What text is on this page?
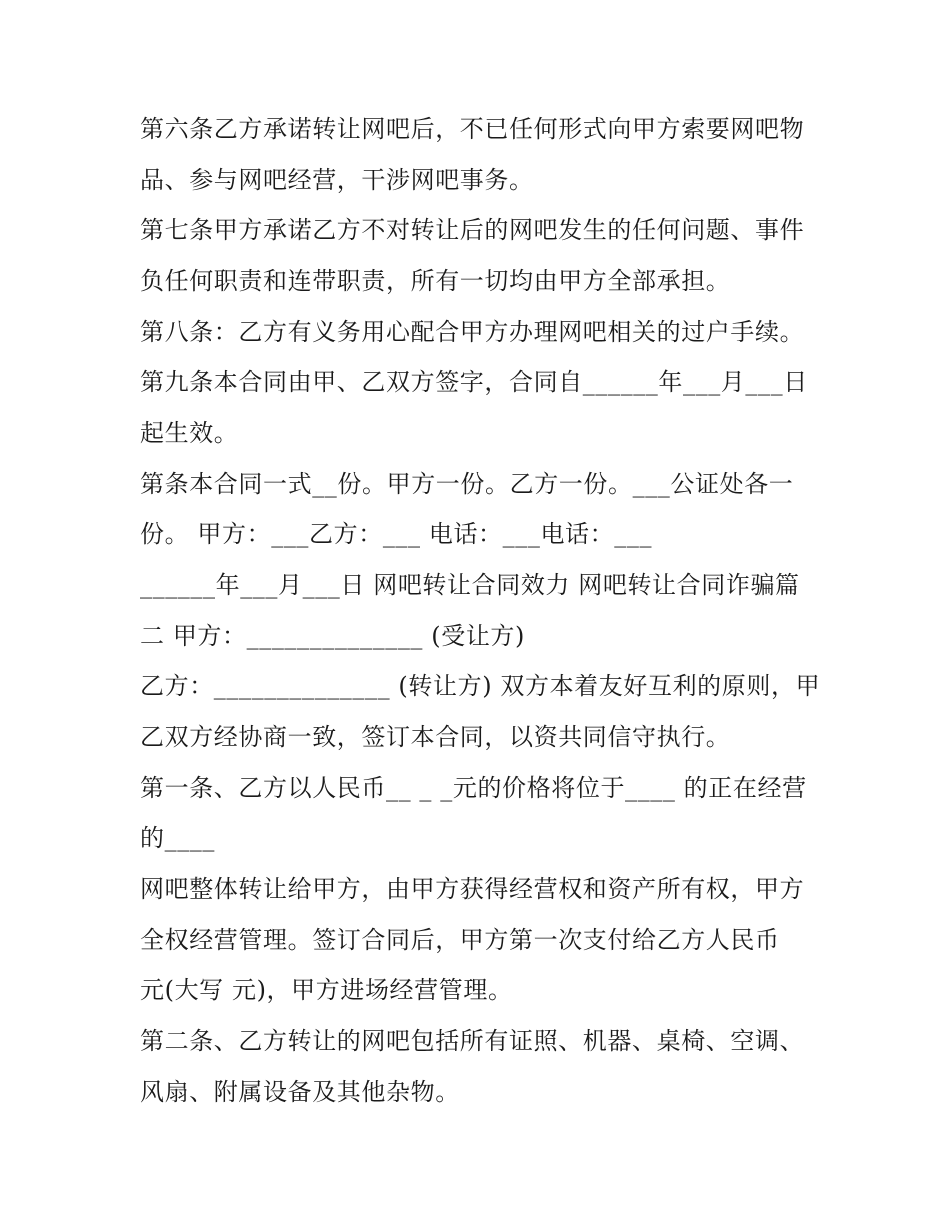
第六条乙方承诺转让网吧后，不已任何形式向甲方索要网吧物
品、参与网吧经营，干涉网吧事务。
第七条甲方承诺乙方不对转让后的网吧发生的任何问题、事件
负任何职责和连带职责，所有一切均由甲方全部承担。
第八条：乙方有义务用心配合甲方办理网吧相关的过户手续。
第九条本合同由甲、乙双方签字，合同自______年___月___日
起生效。
第条本合同一式__份。甲方一份。乙方一份。___公证处各一
份。 甲方：___乙方：___ 电话：___电话：___
______年___月___日 网吧转让合同效力 网吧转让合同诈骗篇
二 甲方：______________ (受让方)
乙方：______________ (转让方) 双方本着友好互利的原则，甲
乙双方经协商一致，签订本合同，以资共同信守执行。
第一条、乙方以人民币__ _ _元的价格将位于____ 的正在经营
的____
网吧整体转让给甲方，由甲方获得经营权和资产所有权，甲方
全权经营管理。签订合同后，甲方第一次支付给乙方人民币
元(大写 元)，甲方进场经营管理。
第二条、乙方转让的网吧包括所有证照、机器、桌椅、空调、
风扇、附属设备及其他杂物。
